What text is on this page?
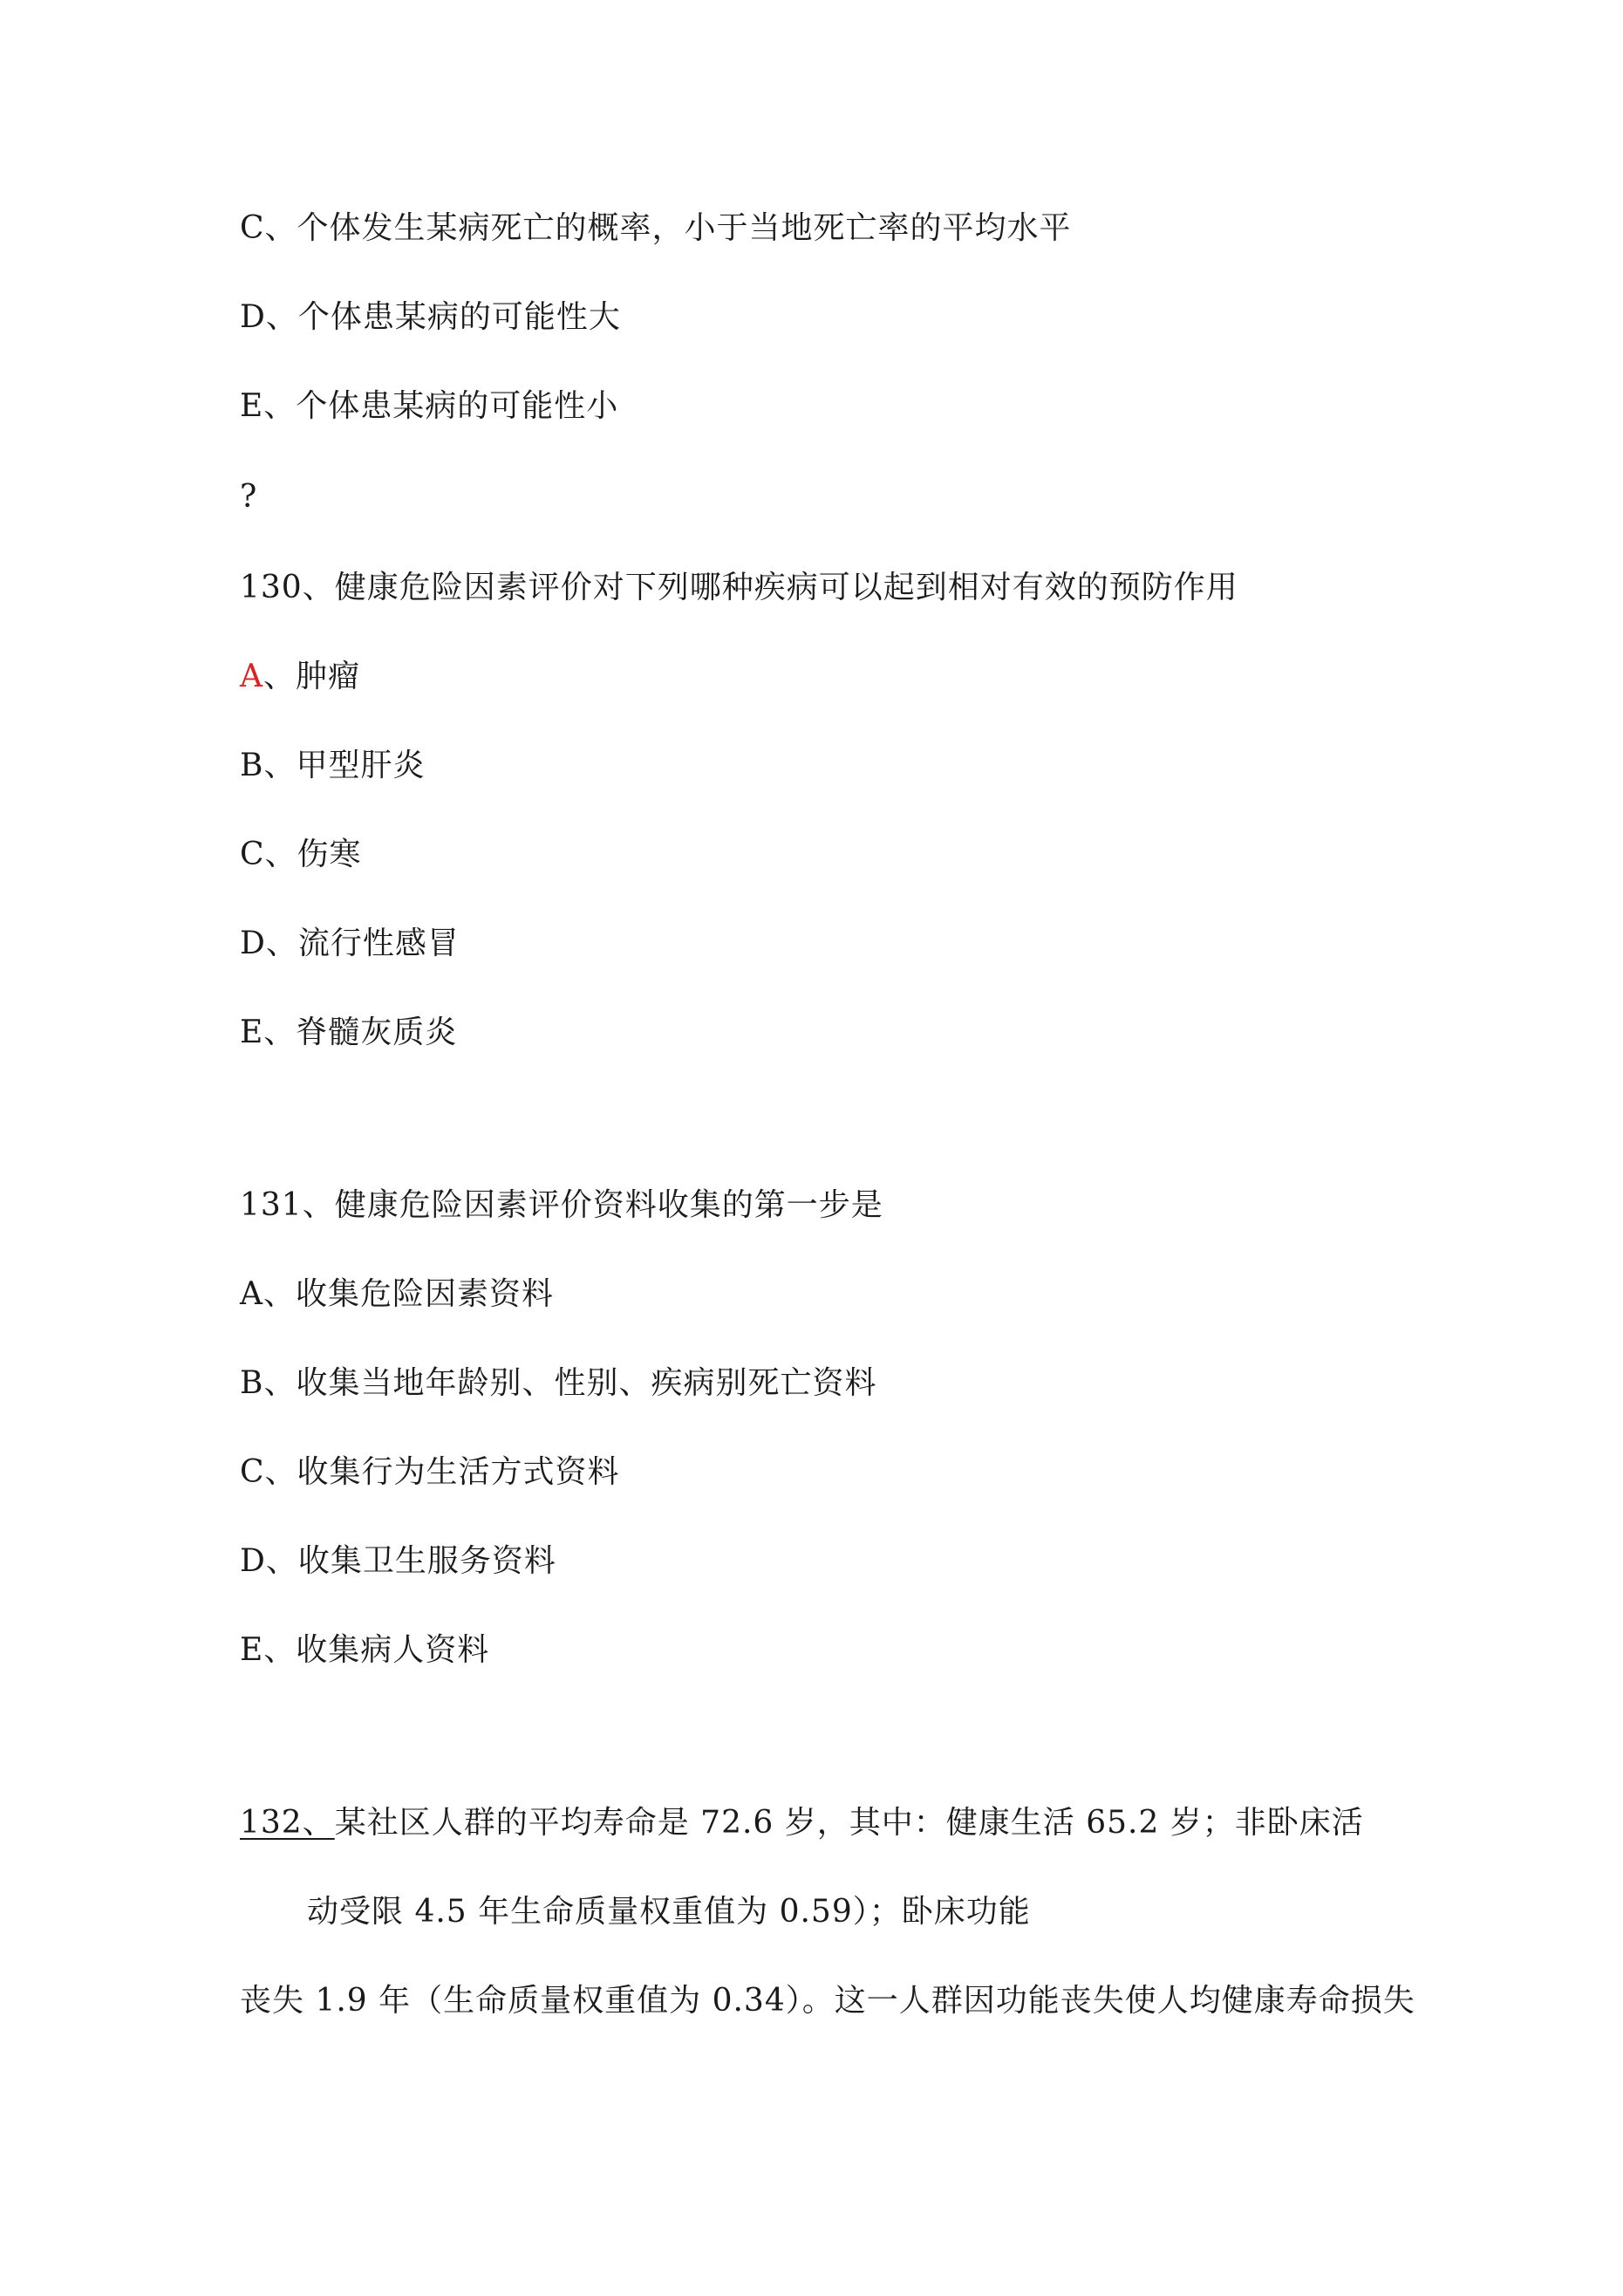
C、个体发生某病死亡的概率，小于当地死亡率的平均水平
D、个体患某病的可能性大
E、个体患某病的可能性小
?
130、健康危险因素评价对下列哪种疾病可以起到相对有效的预防作用
A、肿瘤
B、甲型肝炎
C、伤寒
D、流行性感冒
E、脊髓灰质炎
131、健康危险因素评价资料收集的第一步是
A、收集危险因素资料
B、收集当地年龄别、性别、疾病别死亡资料
C、收集行为生活方式资料
D、收集卫生服务资料
E、收集病人资料
132、某社区人群的平均寿命是 72.6 岁，其中：健康生活 65.2 岁；非卧床活
动受限 4.5 年生命质量权重值为 0.59）；卧床功能
丧失 1.9 年（生命质量权重值为 0.34）。这一人群因功能丧失使人均健康寿命损失
